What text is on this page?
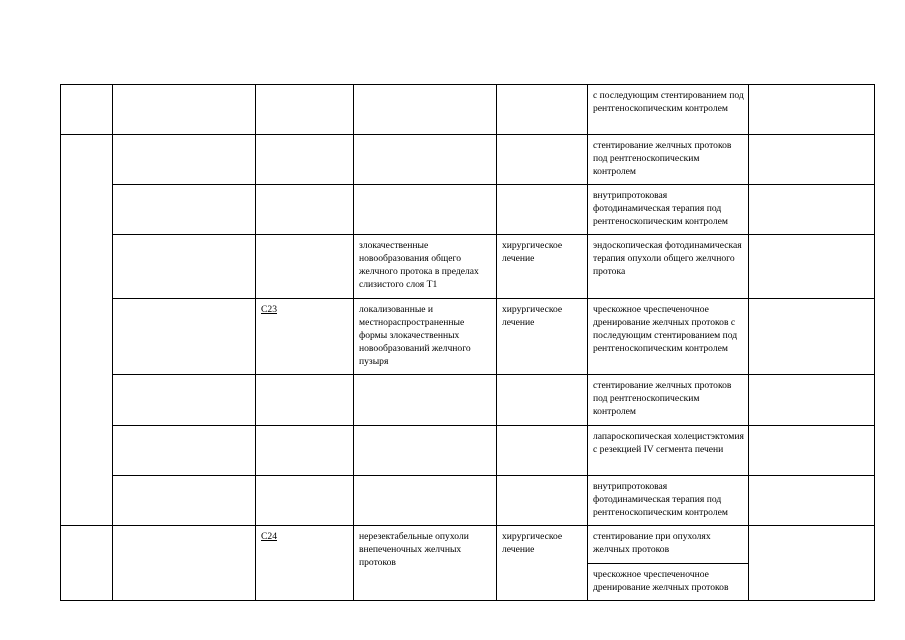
					с последующим стентированием под рентгеноскопическим контролем	
					стентирование желчных протоков под рентгеноскопическим контролем	
					внутрипротоковая фотодинамическая терапия под рентгеноскопическим контролем	
			злокачественные новообразования общего желчного протока в пределах слизистого слоя T1	хирургическое лечение	эндоскопическая фотодинамическая терапия опухоли общего желчного протока	
		C23	локализованные и местнораспространенные формы злокачественных новообразований желчного пузыря	хирургическое лечение	чрескожное чреспеченочное дренирование желчных протоков с последующим стентированием под рентгеноскопическим контролем	
					стентирование желчных протоков под рентгеноскопическим контролем	
					лапароскопическая холецистэктомия с резекцией IV сегмента печени	
					внутрипротоковая фотодинамическая терапия под рентгеноскопическим контролем	
		C24	нерезектабельные опухоли внепеченочных желчных протоков	хирургическое лечение	стентирование при опухолях желчных протоков	
					чрескожное чреспеченочное дренирование желчных протоков	
